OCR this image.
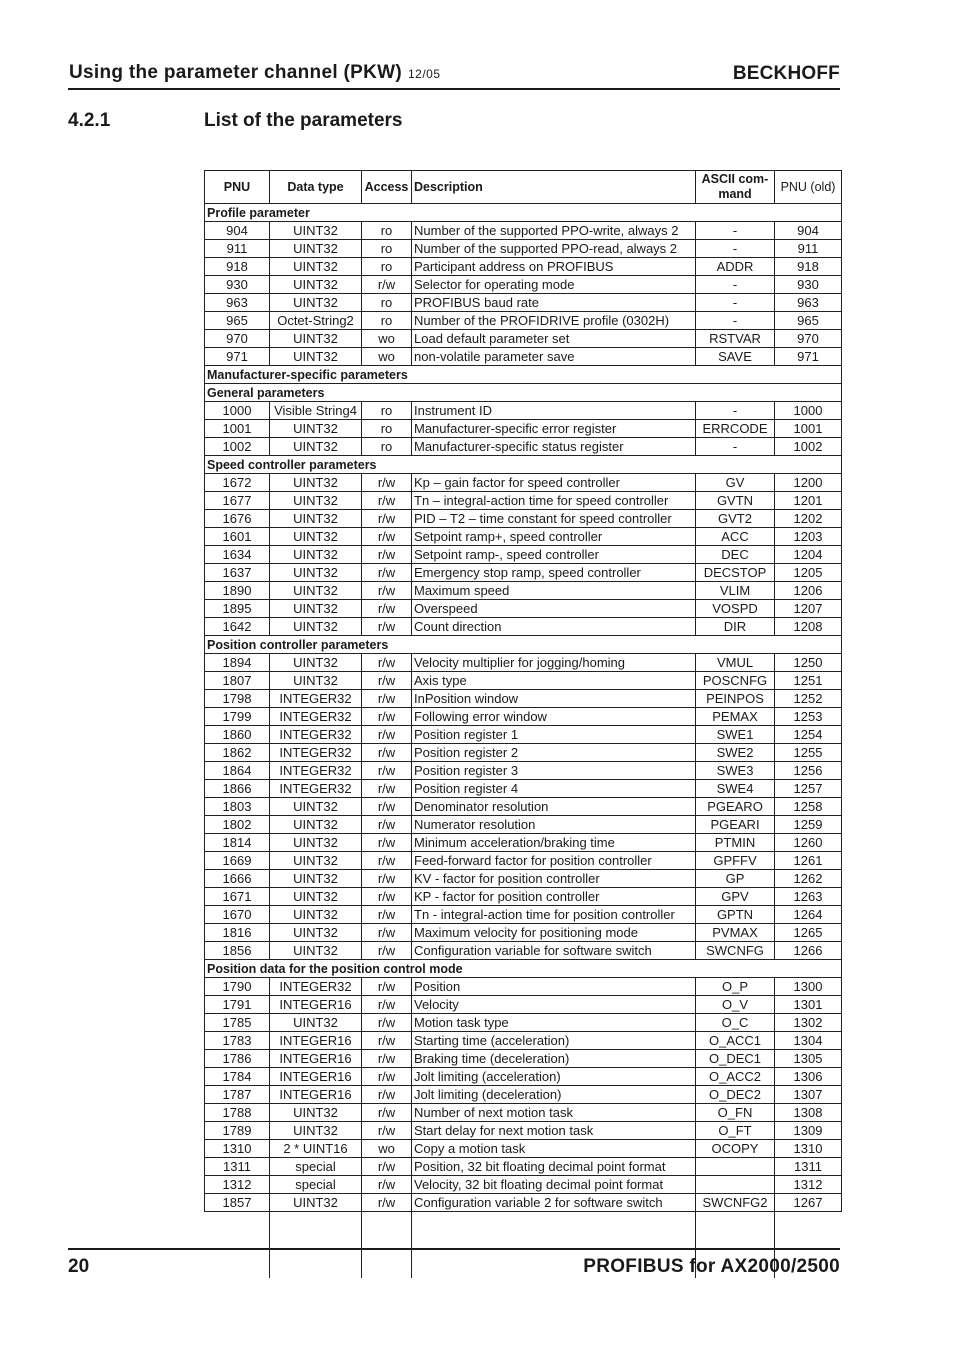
Using the parameter channel (PKW) 12/05	BECKHOFF
4.2.1	List of the parameters
PNU	Data type	Access	Description	ASCII com-mand	PNU (old)
Profile parameter					
904	UINT32	ro	Number of the supported PPO-write, always 2	-	904
911	UINT32	ro	Number of the supported PPO-read, always 2	-	911
918	UINT32	ro	Participant address on PROFIBUS	ADDR	918
930	UINT32	r/w	Selector for operating mode	-	930
963	UINT32	ro	PROFIBUS baud rate	-	963
965	Octet-String2	ro	Number of the PROFIDRIVE profile (0302H)	-	965
970	UINT32	wo	Load default parameter set	RSTVAR	970
971	UINT32	wo	non-volatile parameter save	SAVE	971
Manufacturer-specific parameters					
General parameters					
1000	Visible String4	ro	Instrument ID	-	1000
1001	UINT32	ro	Manufacturer-specific error register	ERRCODE	1001
1002	UINT32	ro	Manufacturer-specific status register	-	1002
Speed controller parameters					
1672	UINT32	r/w	Kp – gain factor for speed controller	GV	1200
1677	UINT32	r/w	Tn – integral-action time for speed controller	GVTN	1201
1676	UINT32	r/w	PID – T2 – time constant for speed controller	GVT2	1202
1601	UINT32	r/w	Setpoint ramp+, speed controller	ACC	1203
1634	UINT32	r/w	Setpoint ramp-, speed controller	DEC	1204
1637	UINT32	r/w	Emergency stop ramp, speed controller	DECSTOP	1205
1890	UINT32	r/w	Maximum speed	VLIM	1206
1895	UINT32	r/w	Overspeed	VOSPD	1207
1642	UINT32	r/w	Count direction	DIR	1208
Position controller parameters					
1894	UINT32	r/w	Velocity multiplier for jogging/homing	VMUL	1250
1807	UINT32	r/w	Axis type	POSCNFG	1251
1798	INTEGER32	r/w	InPosition window	PEINPOS	1252
1799	INTEGER32	r/w	Following error window	PEMAX	1253
1860	INTEGER32	r/w	Position register 1	SWE1	1254
1862	INTEGER32	r/w	Position register 2	SWE2	1255
1864	INTEGER32	r/w	Position register 3	SWE3	1256
1866	INTEGER32	r/w	Position register 4	SWE4	1257
1803	UINT32	r/w	Denominator resolution	PGEARO	1258
1802	UINT32	r/w	Numerator resolution	PGEARI	1259
1814	UINT32	r/w	Minimum acceleration/braking time	PTMIN	1260
1669	UINT32	r/w	Feed-forward factor for position controller	GPFFV	1261
1666	UINT32	r/w	KV - factor for position controller	GP	1262
1671	UINT32	r/w	KP - factor for position controller	GPV	1263
1670	UINT32	r/w	Tn - integral-action time for position controller	GPTN	1264
1816	UINT32	r/w	Maximum velocity for positioning mode	PVMAX	1265
1856	UINT32	r/w	Configuration variable for software switch	SWCNFG	1266
Position data for the position control mode					
1790	INTEGER32	r/w	Position	O_P	1300
1791	INTEGER16	r/w	Velocity	O_V	1301
1785	UINT32	r/w	Motion task type	O_C	1302
1783	INTEGER16	r/w	Starting time (acceleration)	O_ACC1	1304
1786	INTEGER16	r/w	Braking time (deceleration)	O_DEC1	1305
1784	INTEGER16	r/w	Jolt limiting (acceleration)	O_ACC2	1306
1787	INTEGER16	r/w	Jolt limiting (deceleration)	O_DEC2	1307
1788	UINT32	r/w	Number of next motion task	O_FN	1308
1789	UINT32	r/w	Start delay for next motion task	O_FT	1309
1310	2 * UINT16	wo	Copy a motion task	OCOPY	1310
1311	special	r/w	Position, 32 bit floating decimal point format		1311
1312	special	r/w	Velocity, 32 bit floating decimal point format		1312
1857	UINT32	r/w	Configuration variable 2 for software switch	SWCNFG2	1267

20	PROFIBUS for AX2000/2500
